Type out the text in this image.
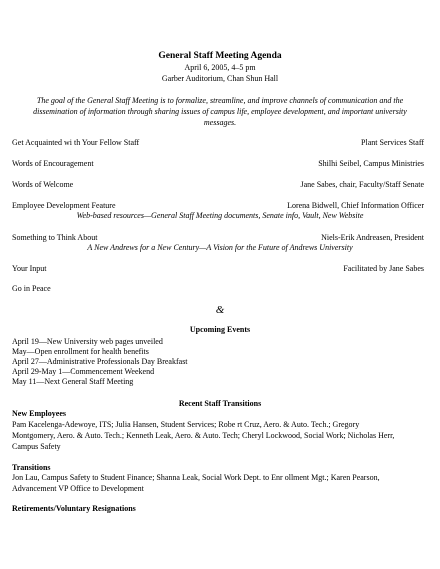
General Staff Meeting Agenda
April 6, 2005, 4–5 pm
Garber Auditorium, Chan Shun Hall
The goal of the General Staff Meeting is to formalize, streamline, and improve channels of communication and the
dissemination of information through sharing issues of campus life, employee development, and important university
messages.
Get Acquainted wi th Your Fellow Staff	Plant Services Staff
Words of Encouragement	Shilhi Seibel, Campus Ministries
Words of Welcome	Jane Sabes, chair, Faculty/Staff Senate
Employee Development Feature	Lorena Bidwell, Chief Information Officer
Web-based resources—General Staff Meeting documents, Senate info, Vault, New Website
Something to Think About	Niels-Erik Andreasen, President
A New Andrews for a New Century—A Vision for the Future of Andrews University
Your Input	Facilitated by Jane Sabes
Go in Peace
&
Upcoming Events
April 19—New University web pages unveiled
May—Open enrollment for health benefits
April 27—Administrative Professionals Day Breakfast
April 29-May 1—Commencement Weekend
May 11—Next General Staff Meeting
Recent Staff Transitions
New Employees
Pam Kacelenga-Adewoye, ITS; Julia Hansen, Student Services; Robe rt Cruz, Aero. & Auto. Tech.; Gregory
Montgomery, Aero. & Auto. Tech.; Kenneth Leak, Aero. & Auto. Tech; Cheryl Lockwood, Social Work; Nicholas Herr,
Campus Safety
Transitions
Jon Lau, Campus Safety to Student Finance; Shanna Leak, Social Work Dept. to Enr ollment Mgt.; Karen Pearson,
Advancement VP Office to Development
Retirements/Voluntary Resignations
